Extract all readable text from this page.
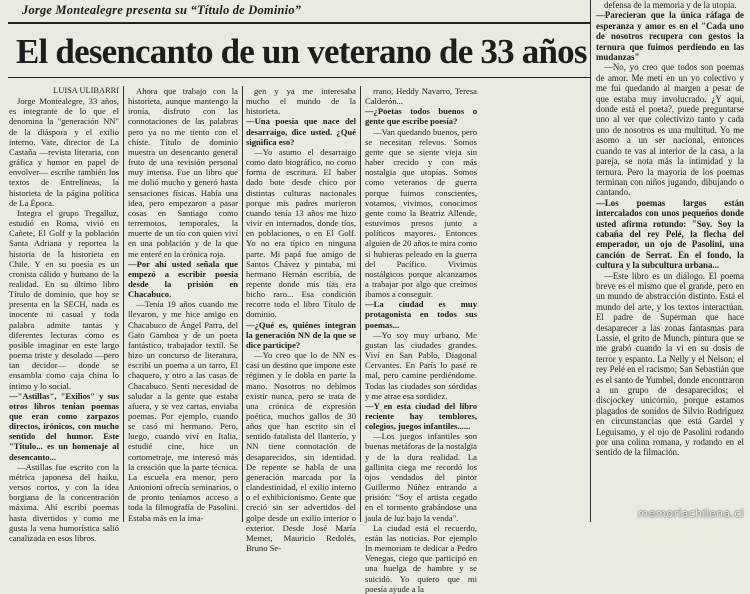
Jorge Montealegre presenta su “Título de Dominio”
El desencanto de un veterano de 33 años

LUISA ULIBARRI

Jorge Montealegre, 33 años, es integrante de lo que el denomina la "generación NN" de la diáspora y el exilio interno. Vate, director de La Castaña —revista literaria, con gráfica y humor en papel de envolver— escribe también los textos de Entrelíneas, la historieta de la página política de La Época.

Integra el grupo Tregalluz, estudió en Roma, vivió en Cañete, El Golf y la población Santa Adriana y reportea la historia de la historieta en Chile. Y en su poesía es un cronista cálido y humano de la realidad. En su último libro Título de dominio, que hoy se presenta en la SECH, nada es inocente ni casual y toda palabra admite tantas y diferentes lecturas como es posible imaginar en este largo poema triste y desolado —pero tan decidor— donde se ensambla como caja china lo íntimo y lo social.

—"Astillas", "Exilios" y sus otros libros tenían poemas que eran como zarpazos directos, irónicos, con mucho sentido del humor. Este "Título... es un homenaje al desencanto...

—Astillas fue escrito con la métrica japonesa del haiku, versos cortos, y con la idea borgiana de la concentración máxima. Ahí escribí poemas hasta divertidos y como me gusta la vena humorística salió canalizada en esos libros.

Ahora que trabajo con la historieta, aunque mantengo la ironía, disfruto con las connotaciones de las palabras pero ya no me tiento con el chiste. Título de dominio muestra un desencanto general fruto de una revisión personal muy intensa. Fue un libro que me dolió mucho y generó hasta sensaciones físicas. Había una idea, pero empezaron a pasar cosas en Santiago como terremotos, temporales, la muerte de un tío con quien viví en una población y de la que me enteré en la crónica roja.

—Por ahí usted señala que empezó a escribir poesía desde la prisión en Chacabuco.

—Tenía 19 años cuando me llevaron, y me hice amigo en Chacabuco de Ángel Parra, del Gato Gamboa y de un poeta fantástico, trabajador textil. Se hizo un concurso de literatura, escribí un poema a un tarro, El chaquero, y otro a las casas de Chacabuco. Sentí necesidad de saludar a la gente que estaba afuera, y se vez cartas, enviaba poemas. Por ejemplo, cuando se casó mi hermano. Pero, luego, cuando viví en Italia, estudié cine, hice un cortometraje, me interesó más la creación que la parte técnica. La escuela era menor, pero Antonioni ofrecía seminarios, o de pronto teníamos acceso a toda la filmografía de Pasolini. Estaba más en la ima-

gen y ya me interesaba mucho el mundo de la historieta.

—Una poesía que nace del desarraigo, dice usted. ¿Qué significa eso?

—Yo asumo el desarraigo como dato biográfico, no como forma de escritura. El haber dado bote desde chico por distintas culturas nacionales porque mis padres murieron cuando tenía 13 años me hizo vivir en internados, donde tíos, en poblaciones, o en El Golf. Yo no era típico en ninguna parte. Mi papá fue amigo de Santos Chávez y pintaba, mi hermano Hernán escribía, de repente donde mis tías era bicho raro... Esa condición recorre todo el libro Título de dominio.

—¿Qué es, quiénes integran la generación NN de la que se dice participe?

—Yo creo que lo de NN es casi un destino que impone este régimen y le dobla en parte la mano. Nosotros no debimos existir nunca, pero se trata de una crónica de expresión poética, muchos gallos de 30 años que han escrito sin el sentido fatalista del llanterío, y NN tiene connotación de desaparecidos, sin identidad. De repente se habla de una generación marcada por la clandestinidad, el exilio interno o el exhibicionismo. Gente que creció sin ser advertidos del golpe desde un exilio interior o exterior. Desde José María Memet, Mauricio Redolés, Bruno Se-

rrano, Heddy Navarro, Teresa Calderón...

—¿Poetas todos buenos o gente que escribe poesía?

—Van quedando buenos, pero se necesitan relevos. Somos gente que se siente vieja sin haber crecido y con más nostalgia que utopías. Somos como veteranos de guerra porque fuimos conscientes, votamos, vivimos, conocimos gente como la Beatriz Allende, estuvimos presos junto a políticos mayores. Entonces alguien de 20 años te mira como si hubieras peleado en la guerra del Pacífico. Vivimos nostálgicos porque alcanzamos a trabajar por algo que creímos íbamos a conseguir.

—La ciudad es muy protagonista en todos sus poemas...

—Yo soy muy urbano. Me gustan las ciudades grandes. Viví en San Pablo, Diagonal Cervantes. En París lo pasé re mal, pero camine perdiéndome. Todas las ciudades son sórdidas y me atrae esa sordidez.

—Y en esta ciudad del libro reciente hay temblores, colegios, juegos infantiles......

—Los juegos infantiles son buenas metáforas de la nostalgia y de la dura realidad. La gallinita ciega me recordó los ojos vendados del pintor Guillermo Núñez entrando a prisión: "Soy el artista cegado en el tormento grabándose una jaula de luz bajo la venda".

La ciudad está el recuerdo, están las noticias. Por ejemplo In memoriam te dedicar a Pedro Venegas, ciego que participó en una huelga de hambre y se suicidó. Yo quiero que mi poesía ayude a la

defensa de la memoria y de la utopía.

—Parecieran que la única ráfaga de esperanza y amor es en el "Cada uno de nosotros recupera con gestos la ternura que fuimos perdiendo en las mudanzas"

—No, yo creo que todos son poemas de amor. Me meti en un yo colectivo y me fui quedando al margen a pesar de que estaba muy involucrado. ¿Y aquí, donde está el poeta?, puede preguntarse uno al ver que colectivizo tanto y cada uno de nosotros es una multitud. Yo me asomo a un ser nacional, entonces cuando te vas al interior de la casa, a la pareja, se nota más la intimidad y la ternura. Pero la mayoría de los poemas terminan con niños jugando, dibujando o cantando.

—Los poemas largos están intercalados con unos pequeños donde usted afirma rotundo: "Soy. Soy la cabaña del rey Pelé, la flecha del emperador, un ojo de Pasolini, una canción de Serrat. En el fondo, la cultura y la subcultura urbana...

—Este libro es un diálogo. El poema breve es el mismo que el grande, pero en un mundo de abstracción distinto. Está el mundo del arte, y los textos interactúan. El padre de Superman que hace desaparecer a las zonas fantasmas para Lassie, el grito de Munch, pintura que se me grabó cuando la vi en su dosis de terror y espanto. La Nelly y el Nelson; el rey Pelé en el racismo; San Sebastián que es el santo de Yumbel, donde encontraron a un grupo de desaparecidos; el discjockey unicornio, porque estamos plagados de sonidos de Silvio Rodríguez en circunstancias que está Gardel y Leguisamo, y el ojo de Pasolini rodando por una colina romana, y rodando en el sentido de la filmación.

memoriachilena.cl
